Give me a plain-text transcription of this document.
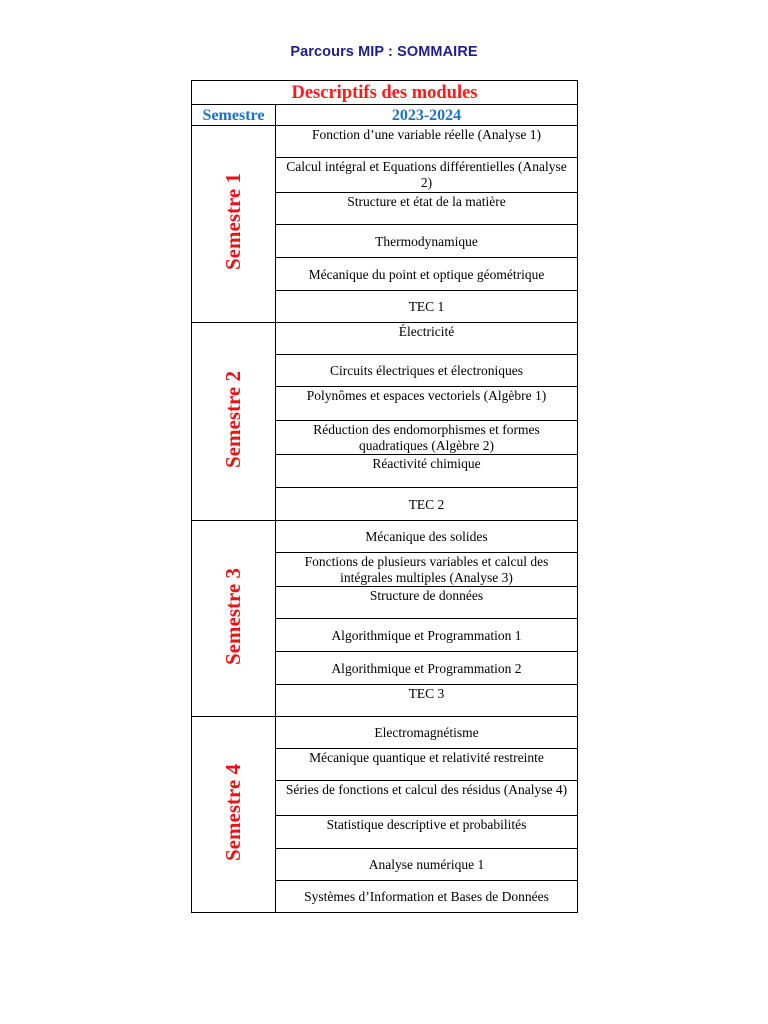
Parcours MIP : SOMMAIRE
Descriptifs des modules	
Semestre	2023-2024
Semestre 1	Fonction d’une variable réelle (Analyse 1)
	Calcul intégral et Equations différentielles (Analyse 2)
	Structure et état de la matière
	Thermodynamique
	Mécanique du point et optique géométrique
	TEC 1
Semestre 2	Électricité
	Circuits électriques et électroniques
	Polynômes et espaces vectoriels (Algèbre 1)
	Réduction des endomorphismes et formes quadratiques (Algèbre 2)
	Réactivité chimique
	TEC 2
Semestre 3	Mécanique des solides
	Fonctions de plusieurs variables et calcul des intégrales multiples (Analyse 3)
	Structure de données
	Algorithmique et Programmation 1
	Algorithmique et Programmation 2
	TEC 3
Semestre 4	Electromagnétisme
	Mécanique quantique et relativité restreinte
	Séries de fonctions et calcul des résidus (Analyse 4)
	Statistique descriptive et probabilités
	Analyse numérique 1
	Systèmes d’Information et Bases de Données
